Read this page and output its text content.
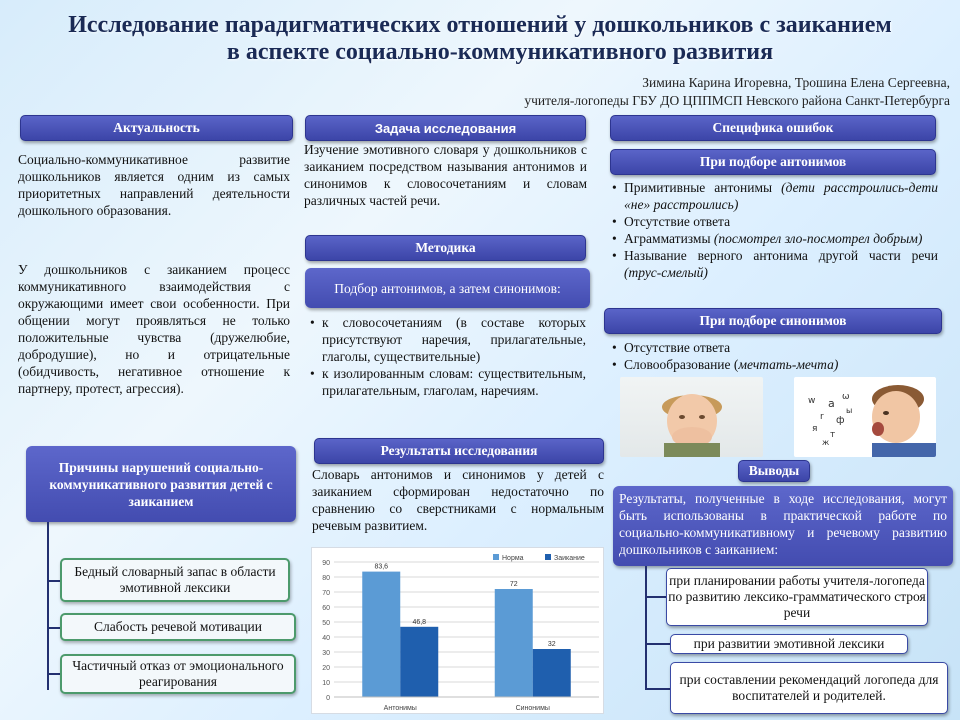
Исследование парадигматических отношений у дошкольников с заиканием
в аспекте социально-коммуникативного развития
Зимина Карина Игоревна, Трошина Елена Сергеевна,
учителя-логопеды ГБУ ДО ЦППМСП Невского района Санкт-Петербурга
Актуальность
Социально-коммуникативное развитие дошкольников является одним из самых приоритетных направлений деятельности дошкольного образования.
У дошкольников с заиканием процесс коммуникативного взаимодействия с окружающими имеет свои особенности. При общении могут проявляться не только положительные чувства (дружелюбие, добродушие), но и отрицательные (обидчивость, негативное отношение к партнеру, протест, агрессия).
Причины нарушений социально-коммуникативного развития детей с заиканием
Бедный словарный запас в области эмотивной лексики
Слабость речевой мотивации
Частичный отказ от эмоционального реагирования
Задача исследования
Изучение эмотивного словаря у дошкольников с заиканием посредством называния антонимов и синонимов к словосочетаниям и словам различных частей речи.
Методика
Подбор антонимов, а затем синонимов:
• к словосочетаниям (в составе которых присутствуют наречия, прилагательные, глаголы, существительные)
• к изолированным словам: существительным, прилагательным, глаголам, наречиям.
Результаты исследования
Словарь антонимов и синонимов у детей с заиканием сформирован недостаточно по сравнению со сверстниками с нормальным речевым развитием.
0
10
20
30
40
50
60
70
80
90
83,6
46,8
Антонимы
72
32
Синонимы
Норма	Заикание
Специфика ошибок
При подборе антонимов
• Примитивные антонимы (дети расстроились-дети «не» расстроились)
• Отсутствие ответа
• Аграмматизмы (посмотрел зло-посмотрел добрым)
• Называние верного антонима другой части речи (трус-смелый)
При подборе синонимов
• Отсутствие ответа
• Словообразование (мечтать-мечта)
w a
r ф
я
ω
т
ы
ж
Выводы
Результаты, полученные в ходе исследования, могут быть использованы в практической работе по социально-коммуникативному и речевому развитию дошкольников с заиканием:
при планировании работы учителя-логопеда по развитию лексико-грамматического строя речи
при развитии эмотивной лексики
при составлении рекомендаций логопеда для воспитателей и родителей.
